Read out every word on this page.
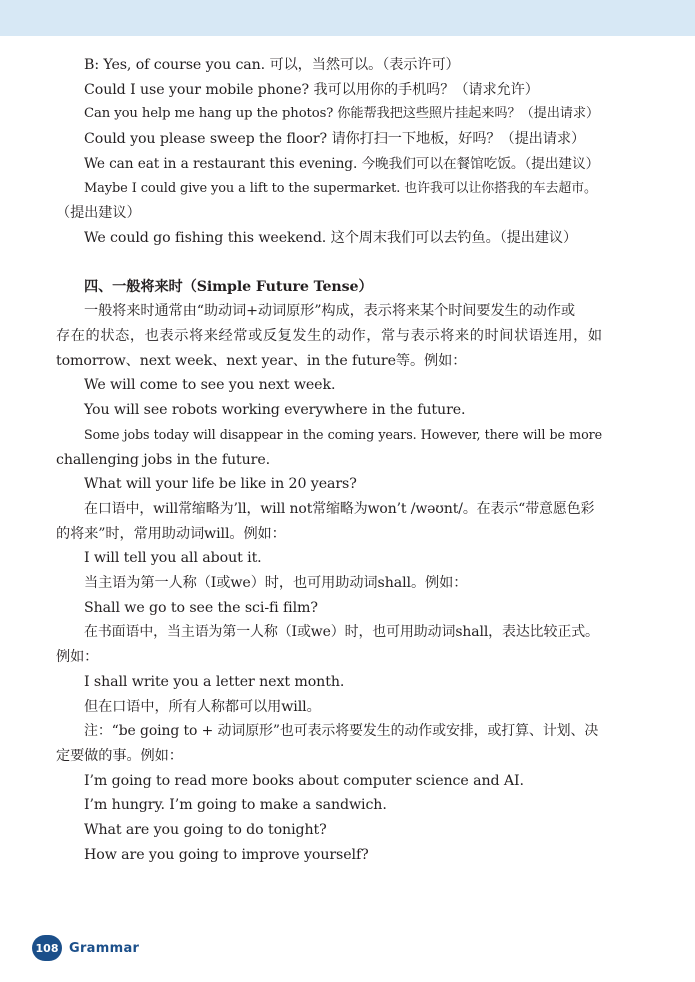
B: Yes, of course you can. 可以，当然可以。（表示许可）
Could I use your mobile phone? 我可以用你的手机吗？（请求允许）
Can you help me hang up the photos? 你能帮我把这些照片挂起来吗？（提出请求）
Could you please sweep the floor? 请你打扫一下地板，好吗？（提出请求）
We can eat in a restaurant this evening. 今晚我们可以在餐馆吃饭。（提出建议）
Maybe I could give you a lift to the supermarket. 也许我可以让你搭我的车去超市。
（提出建议）
We could go fishing this weekend. 这个周末我们可以去钓鱼。（提出建议）
四、一般将来时（Simple Future Tense）
一般将来时通常由“助动词+动词原形”构成，表示将来某个时间要发生的动作或
存在的状态，也表示将来经常或反复发生的动作，常与表示将来的时间状语连用，如
tomorrow、next week、next year、in the future等。例如：
We will come to see you next week.
You will see robots working everywhere in the future.
Some jobs today will disappear in the coming years. However, there will be more
challenging jobs in the future.
What will your life be like in 20 years?
在口语中，will常缩略为’ll，will not常缩略为won’t /wəʊnt/。在表示“带意愿色彩
的将来”时，常用助动词will。例如：
I will tell you all about it.
当主语为第一人称（I或we）时，也可用助动词shall。例如：
Shall we go to see the sci-fi film?
在书面语中，当主语为第一人称（I或we）时，也可用助动词shall，表达比较正式。
例如：
I shall write you a letter next month.
但在口语中，所有人称都可以用will。
注：“be going to + 动词原形”也可表示将要发生的动作或安排，或打算、计划、决
定要做的事。例如：
I’m going to read more books about computer science and AI.
I’m hungry. I’m going to make a sandwich.
What are you going to do tonight?
How are you going to improve yourself?
108 Grammar
